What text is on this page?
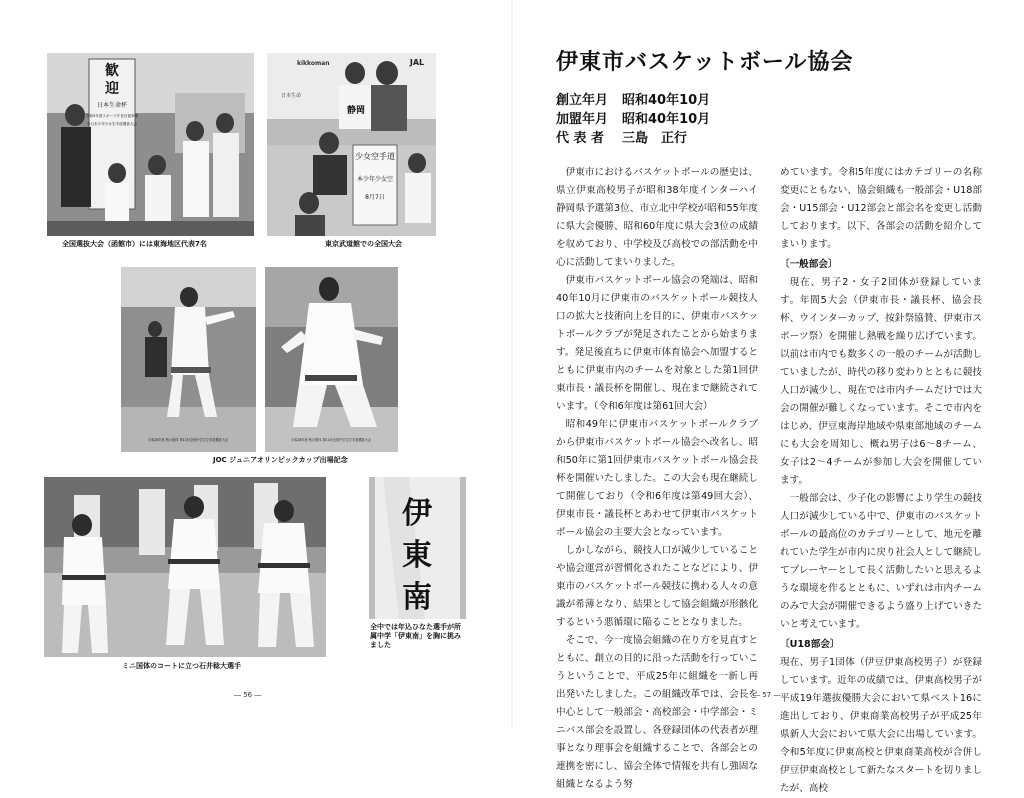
歓
迎
日本生命杯
令和5年度スポーツ庁長官賞争奪
全日本少年少女空手道選抜大会
全国選抜大会（函館市）には東海地区代表7名
kikkoman	JAL
日本生命
静岡
少女空手道
本少年少女空
8月7日
東京武道館での全国大会
平成28年度 秋の国体 第11回全国中学生空手道選抜大会	平成28年度 秋の国体 第11回全国中学生空手道選抜大会
JOC ジュニアオリンピックカップ出場記念
ミニ国体のコートに立つ石井稔大選手
伊
東
南
全中では年込ひなた選手が所属中学「伊東南」を胸に挑みました
― 56 ―
伊東市バスケットボール協会
創立年月 昭和40年10月
加盟年月 昭和40年10月
代 表 者 三島　正行

伊東市におけるバスケットボールの歴史は、県立伊東高校男子が昭和38年度インターハイ静岡県予選第3位、市立北中学校が昭和55年度に県大会優勝、昭和60年度に県大会3位の成績を収めており、中学校及び高校での部活動を中心に活動してまいりました。

伊東市バスケットボール協会の発端は、昭和40年10月に伊東市のバスケットボール競技人口の拡大と技術向上を目的に、伊東市バスケットボールクラブが発足されたことから始まります。発足後直ちに伊東市体育協会へ加盟するとともに伊東市内のチームを対象とした第1回伊東市長・議長杯を開催し、現在まで継続されています。（令和6年度は第61回大会）

昭和49年に伊東市バスケットボールクラブから伊東市バスケットボール協会へ改名し、昭和50年に第1回伊東市バスケットボール協会長杯を開催いたしました。この大会も現在継続して開催しており（令和6年度は第49回大会）、伊東市長・議長杯とあわせて伊東市バスケットボール協会の主要大会となっています。

しかしながら、競技人口が減少していることや協会運営が習慣化されたことなどにより、伊東市のバスケットボール競技に携わる人々の意識が希薄となり、結果として協会組織が形骸化するという悪循環に陥ることとなりました。

そこで、今一度協会組織の在り方を見直すとともに、創立の目的に沿った活動を行っていこうということで、平成25年に組織を一新し再出発いたしました。この組織改革では、会長を中心として一般部会・高校部会・中学部会・ミニバス部会を設置し、各登録団体の代表者が理事となり理事会を組織することで、各部会との連携を密にし、協会全体で情報を共有し強固な組織となるよう努

めています。令和5年度にはカテゴリーの名称変更にともない、協会組織も一般部会・U18部会・U15部会・U12部会と部会名を変更し活動しております。以下、各部会の活動を紹介してまいります。

〔一般部会〕

現在、男子2・女子2団体が登録しています。年間5大会（伊東市長・議長杯、協会長杯、ウインターカップ、按針祭協賛、伊東市スポーツ祭）を開催し熱戦を繰り広げています。以前は市内でも数多くの一般のチームが活動していましたが、時代の移り変わりとともに競技人口が減少し、現在では市内チームだけでは大会の開催が難しくなっています。そこで市内をはじめ、伊豆東海岸地域や県東部地域のチームにも大会を周知し、概ね男子は6～8チーム、女子は2～4チームが参加し大会を開催しています。

一般部会は、少子化の影響により学生の競技人口が減少している中で、伊東市のバスケットボールの最高位のカテゴリーとして、地元を離れていた学生が市内に戻り社会人として継続してプレーヤーとして長く活動したいと思えるような環境を作るとともに、いずれは市内チームのみで大会が開催できるよう盛り上げていきたいと考えています。

〔U18部会〕

現在、男子1団体（伊豆伊東高校男子）が登録しています。近年の成績では、伊東高校男子が平成19年選抜優勝大会において県ベスト16に進出しており、伊東商業高校男子が平成25年県新人大会において県大会に出場しています。令和5年度に伊東高校と伊東商業高校が合併し伊豆伊東高校として新たなスタートを切りましたが、高校

― 57 ―
